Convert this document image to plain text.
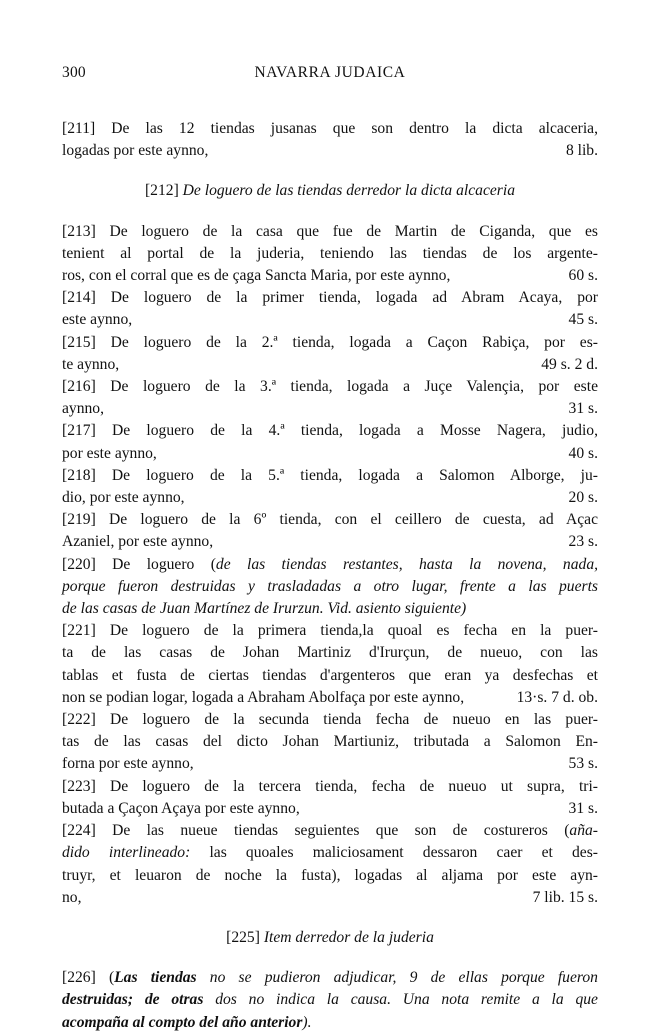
300	NAVARRA JUDAICA
[211] De las 12 tiendas jusanas que son dentro la dicta alcaceria,
logadas por este aynno,	8 lib.

[212] De loguero de las tiendas derredor la dicta alcaceria

[213] De loguero de la casa que fue de Martin de Ciganda, que es
tenient al portal de la juderia, teniendo las tiendas de los argente-
ros, con el corral que es de çaga Sancta Maria, por este aynno,	60 s.
[214] De loguero de la primer tienda, logada ad Abram Acaya, por
este aynno,	45 s.
[215] De loguero de la 2.ª tienda, logada a Caçon Rabiça, por es-
te aynno,	49 s. 2 d.
[216] De loguero de la 3.ª tienda, logada a Juçe Valençia, por este
aynno,	31 s.
[217] De loguero de la 4.ª tienda, logada a Mosse Nagera, judio,
por este aynno,	40 s.
[218] De loguero de la 5.ª tienda, logada a Salomon Alborge, ju-
dio, por este aynno,	20 s.
[219] De loguero de la 6º tienda, con el ceillero de cuesta, ad Açac
Azaniel, por este aynno,	23 s.
[220] De loguero (de las tiendas restantes, hasta la novena, nada,
porque fueron destruidas y trasladadas a otro lugar, frente a las puerts
de las casas de Juan Martínez de Irurzun. Vid. asiento siguiente)
[221] De loguero de la primera tienda,la quoal es fecha en la puer-
ta de las casas de Johan Martiniz d'Irurçun, de nueuo, con las
tablas et fusta de ciertas tiendas d'argenteros que eran ya desfechas et
non se podian logar, logada a Abraham Abolfaça por este aynno,	13·s. 7 d. ob.
[222] De loguero de la secunda tienda fecha de nueuo en las puer-
tas de las casas del dicto Johan Martiuniz, tributada a Salomon En-
forna por este aynno,	53 s.
[223] De loguero de la tercera tienda, fecha de nueuo ut supra, tri-
butada a Çaçon Açaya por este aynno,	31 s.
[224] De las nueue tiendas seguientes que son de costureros (aña-
dido interlineado: las quoales maliciosament dessaron caer et des-
truyr, et leuaron de noche la fusta), logadas al aljama por este ayn-
no,	7 lib. 15 s.

[225] Item derredor de la juderia

[226] (Las tiendas no se pudieron adjudicar, 9 de ellas porque fueron
destruidas; de otras dos no indica la causa. Una nota remite a la que
acompaña al compto del año anterior).
